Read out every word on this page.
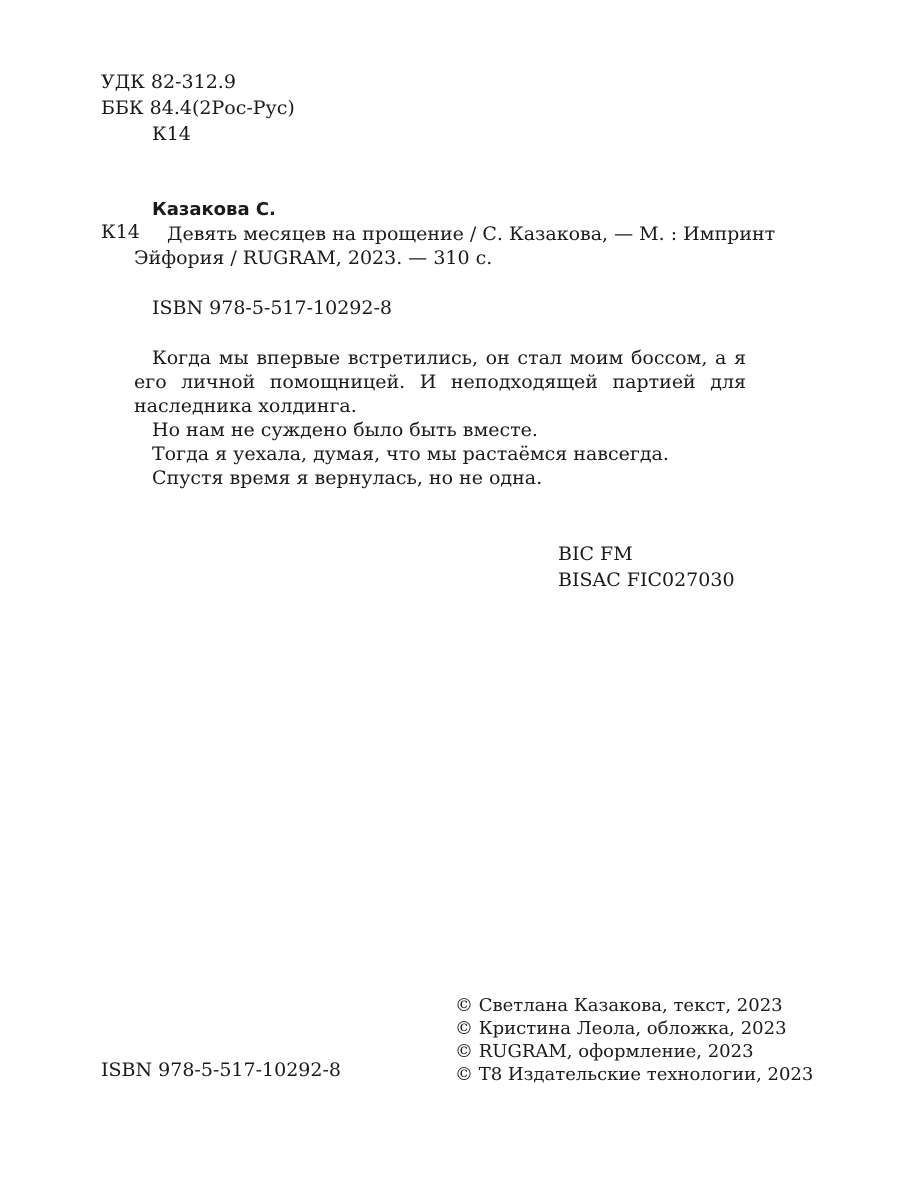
УДК 82-312.9
ББК 84.4(2Рос-Рус)
К14
Казакова С.
К14 Девять месяцев на прощение / С. Казакова, — М. : Импринт
Эйфория / RUGRAM, 2023. — 310 с.
ISBN 978-5-517-10292-8

Когда мы впервые встретились, он стал моим боссом, а я его личной помощницей. И неподходящей партией для наследника холдинга.

Но нам не суждено было быть вместе.

Тогда я уехала, думая, что мы растаёмся навсегда.

Спустя время я вернулась, но не одна.

BIC FM
BISAC FIC027030
© Светлана Казакова, текст, 2023
© Кристина Леола, обложка, 2023
© RUGRAM, оформление, 2023
© Т8 Издательские технологии, 2023
ISBN 978-5-517-10292-8
